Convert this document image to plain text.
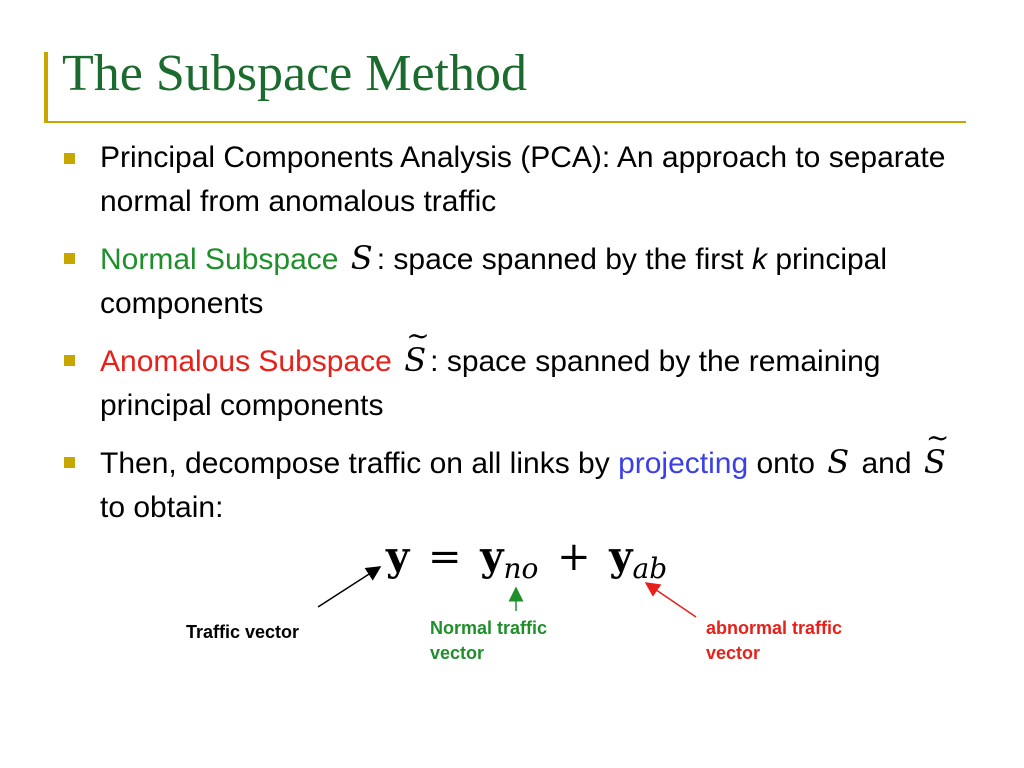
The Subspace Method
Principal Components Analysis (PCA): An approach to separate normal from anomalous traffic
Normal Subspace S : space spanned by the first k principal components
Anomalous Subspace
~
S : space spanned by the remaining principal components
Then, decompose traffic on all links by projecting onto S and
~
S to obtain:
$y = y_{no} + y_{ab}$
Traffic vector	Normal traffic
vector
abnormal traffic
vector
